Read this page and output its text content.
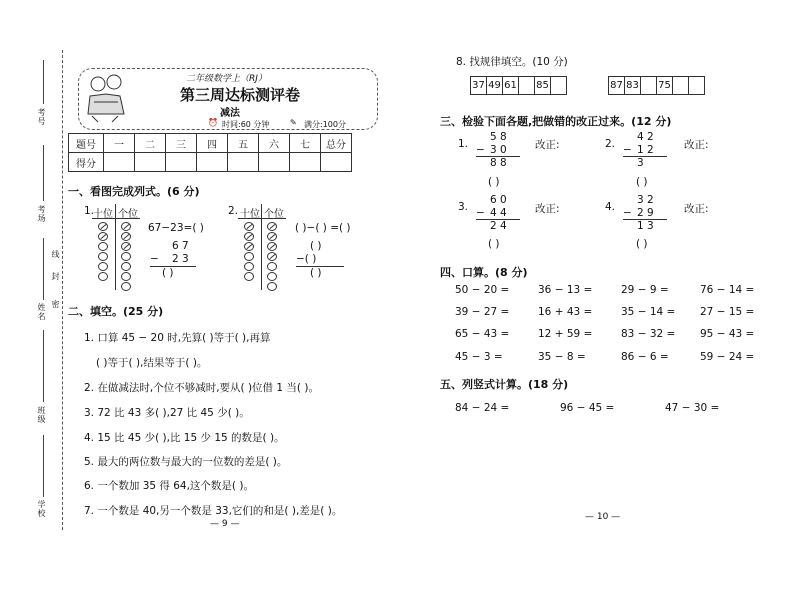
考号
考场
姓名
班级
学校
密
封
线
二年级数学上（RJ）
第三周达标测评卷
减法
⏰ 时间:60 分钟	✎ 满分:100分
题号	一	二	三	四	五	六	七	总分
得分								
一、看图完成列式。(6 分)
1.
十位 个位
67−23=( )
6 7
− 2 3
( )
2. 十位 个位
( )−( ) =( )
( )
−( )
( )
二、填空。(25 分)
1. 口算 45 − 20 时,先算( )等于( ),再算
( )等于( ),结果等于( )。
2. 在做减法时,个位不够减时,要从( )位借 1 当( )。
3. 72 比 43 多( ),27 比 45 少( )。
4. 15 比 45 少( ),比 15 少 15 的数是( )。
5. 最大的两位数与最大的一位数的差是( )。
6. 一个数加 35 得 64,这个数是( )。
7. 一个数是 40,另一个数是 33,它们的和是( ),差是( )。
— 9 —
8. 找规律填空。(10 分)
37	49	61		85		87	83		75		
三、检验下面各题,把做错的改正过来。(12 分)
1.
5 8
− 3 0
8 8
( )
改正:	2.
4 2
− 1 2
3
( )
改正:
3.
6 0
− 4 4
2 4
( )
改正:	4.
3 2
− 2 9
1 3
( )
改正:
四、口算。(8 分)
50 − 20 =	36 − 13 =	29 − 9 =	76 − 14 =
39 − 27 =	16 + 43 =	35 − 14 = 27 − 15 =
65 − 43 =	12 + 59 =	83 − 32 = 95 − 43 =
45 − 3 =	35 − 8 =	86 − 6 =	59 − 24 =
五、列竖式计算。(18 分)
84 − 24 =	96 − 45 =	47 − 30 =
— 10 —
